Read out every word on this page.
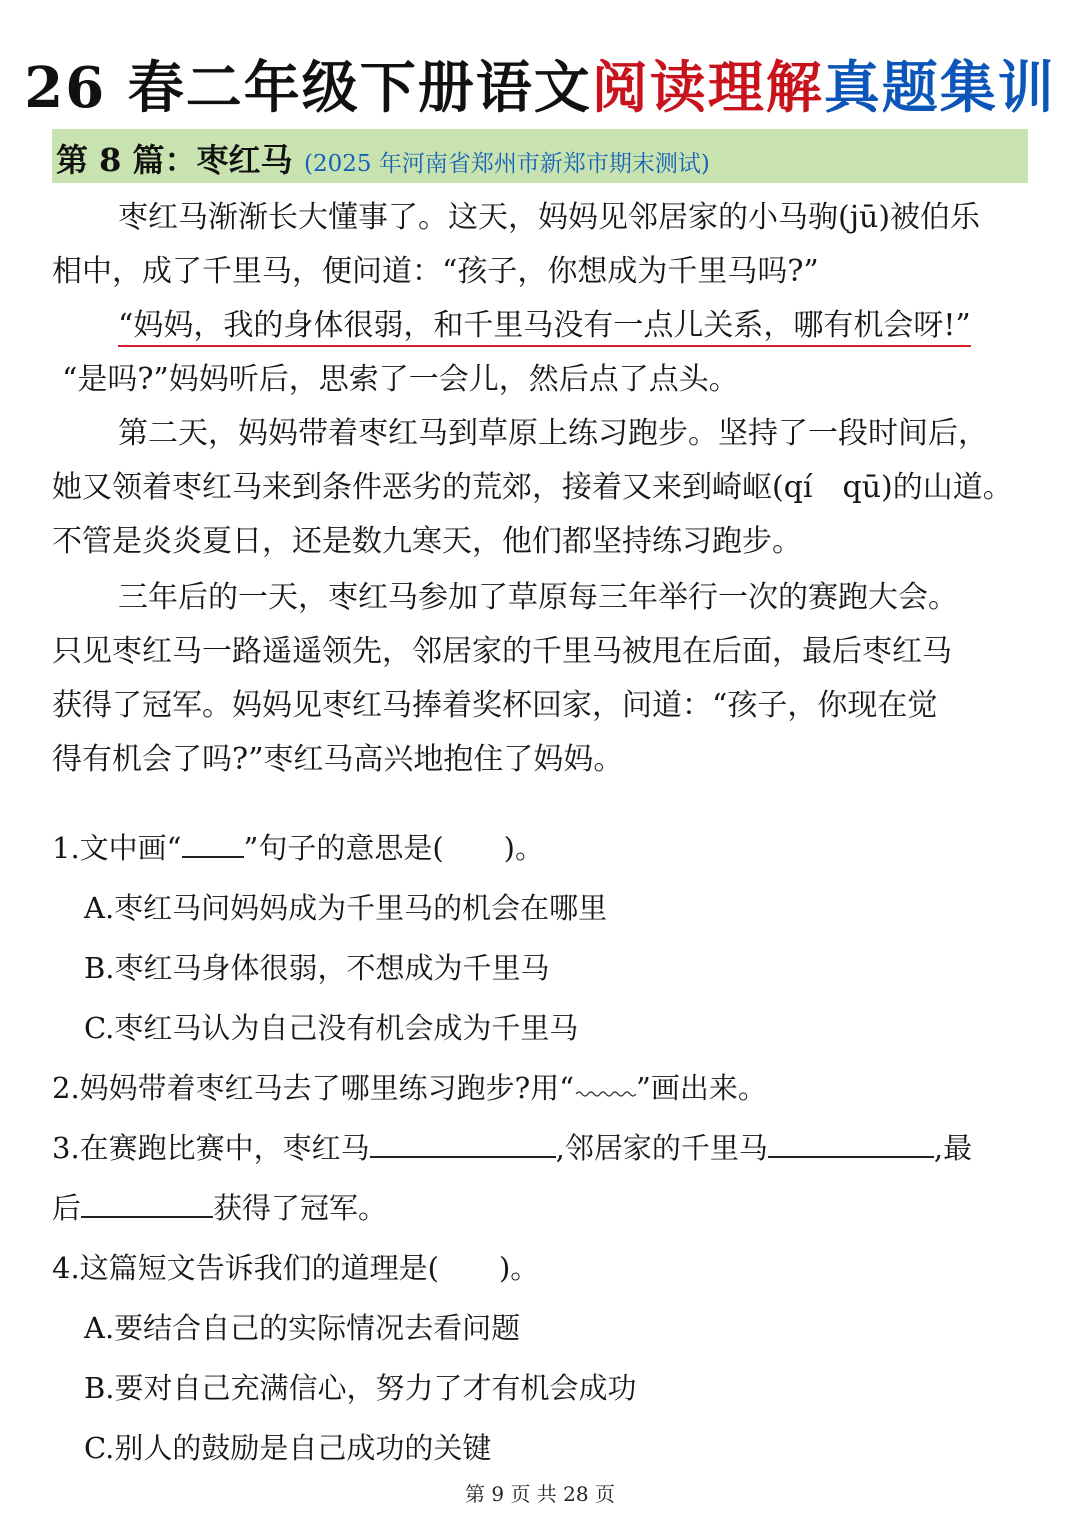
26 春二年级下册语文阅读理解真题集训
第 8 篇：枣红马 (2025 年河南省郑州市新郑市期末测试)
枣红马渐渐长大懂事了。这天，妈妈见邻居家的小马驹(jū)被伯乐
相中，成了千里马，便问道：“孩子，你想成为千里马吗?”
“妈妈，我的身体很弱，和千里马没有一点儿关系，哪有机会呀!”
“是吗?”妈妈听后，思索了一会儿，然后点了点头。
第二天，妈妈带着枣红马到草原上练习跑步。坚持了一段时间后，
她又领着枣红马来到条件恶劣的荒郊，接着又来到崎岖(qí　qū)的山道。
不管是炎炎夏日，还是数九寒天，他们都坚持练习跑步。
三年后的一天，枣红马参加了草原每三年举行一次的赛跑大会。
只见枣红马一路遥遥领先，邻居家的千里马被甩在后面，最后枣红马
获得了冠军。妈妈见枣红马捧着奖杯回家，问道：“孩子，你现在觉
得有机会了吗?”枣红马高兴地抱住了妈妈。
1.文中画“ ”句子的意思是( )。
A.枣红马问妈妈成为千里马的机会在哪里
B.枣红马身体很弱，不想成为千里马
C.枣红马认为自己没有机会成为千里马
2.妈妈带着枣红马去了哪里练习跑步?用“ ”画出来。
3.在赛跑比赛中，枣红马	,邻居家的千里马	,最
后	获得了冠军。
4.这篇短文告诉我们的道理是( )。
A.要结合自己的实际情况去看问题
B.要对自己充满信心，努力了才有机会成功
C.别人的鼓励是自己成功的关键
第 9 页 共 28 页
